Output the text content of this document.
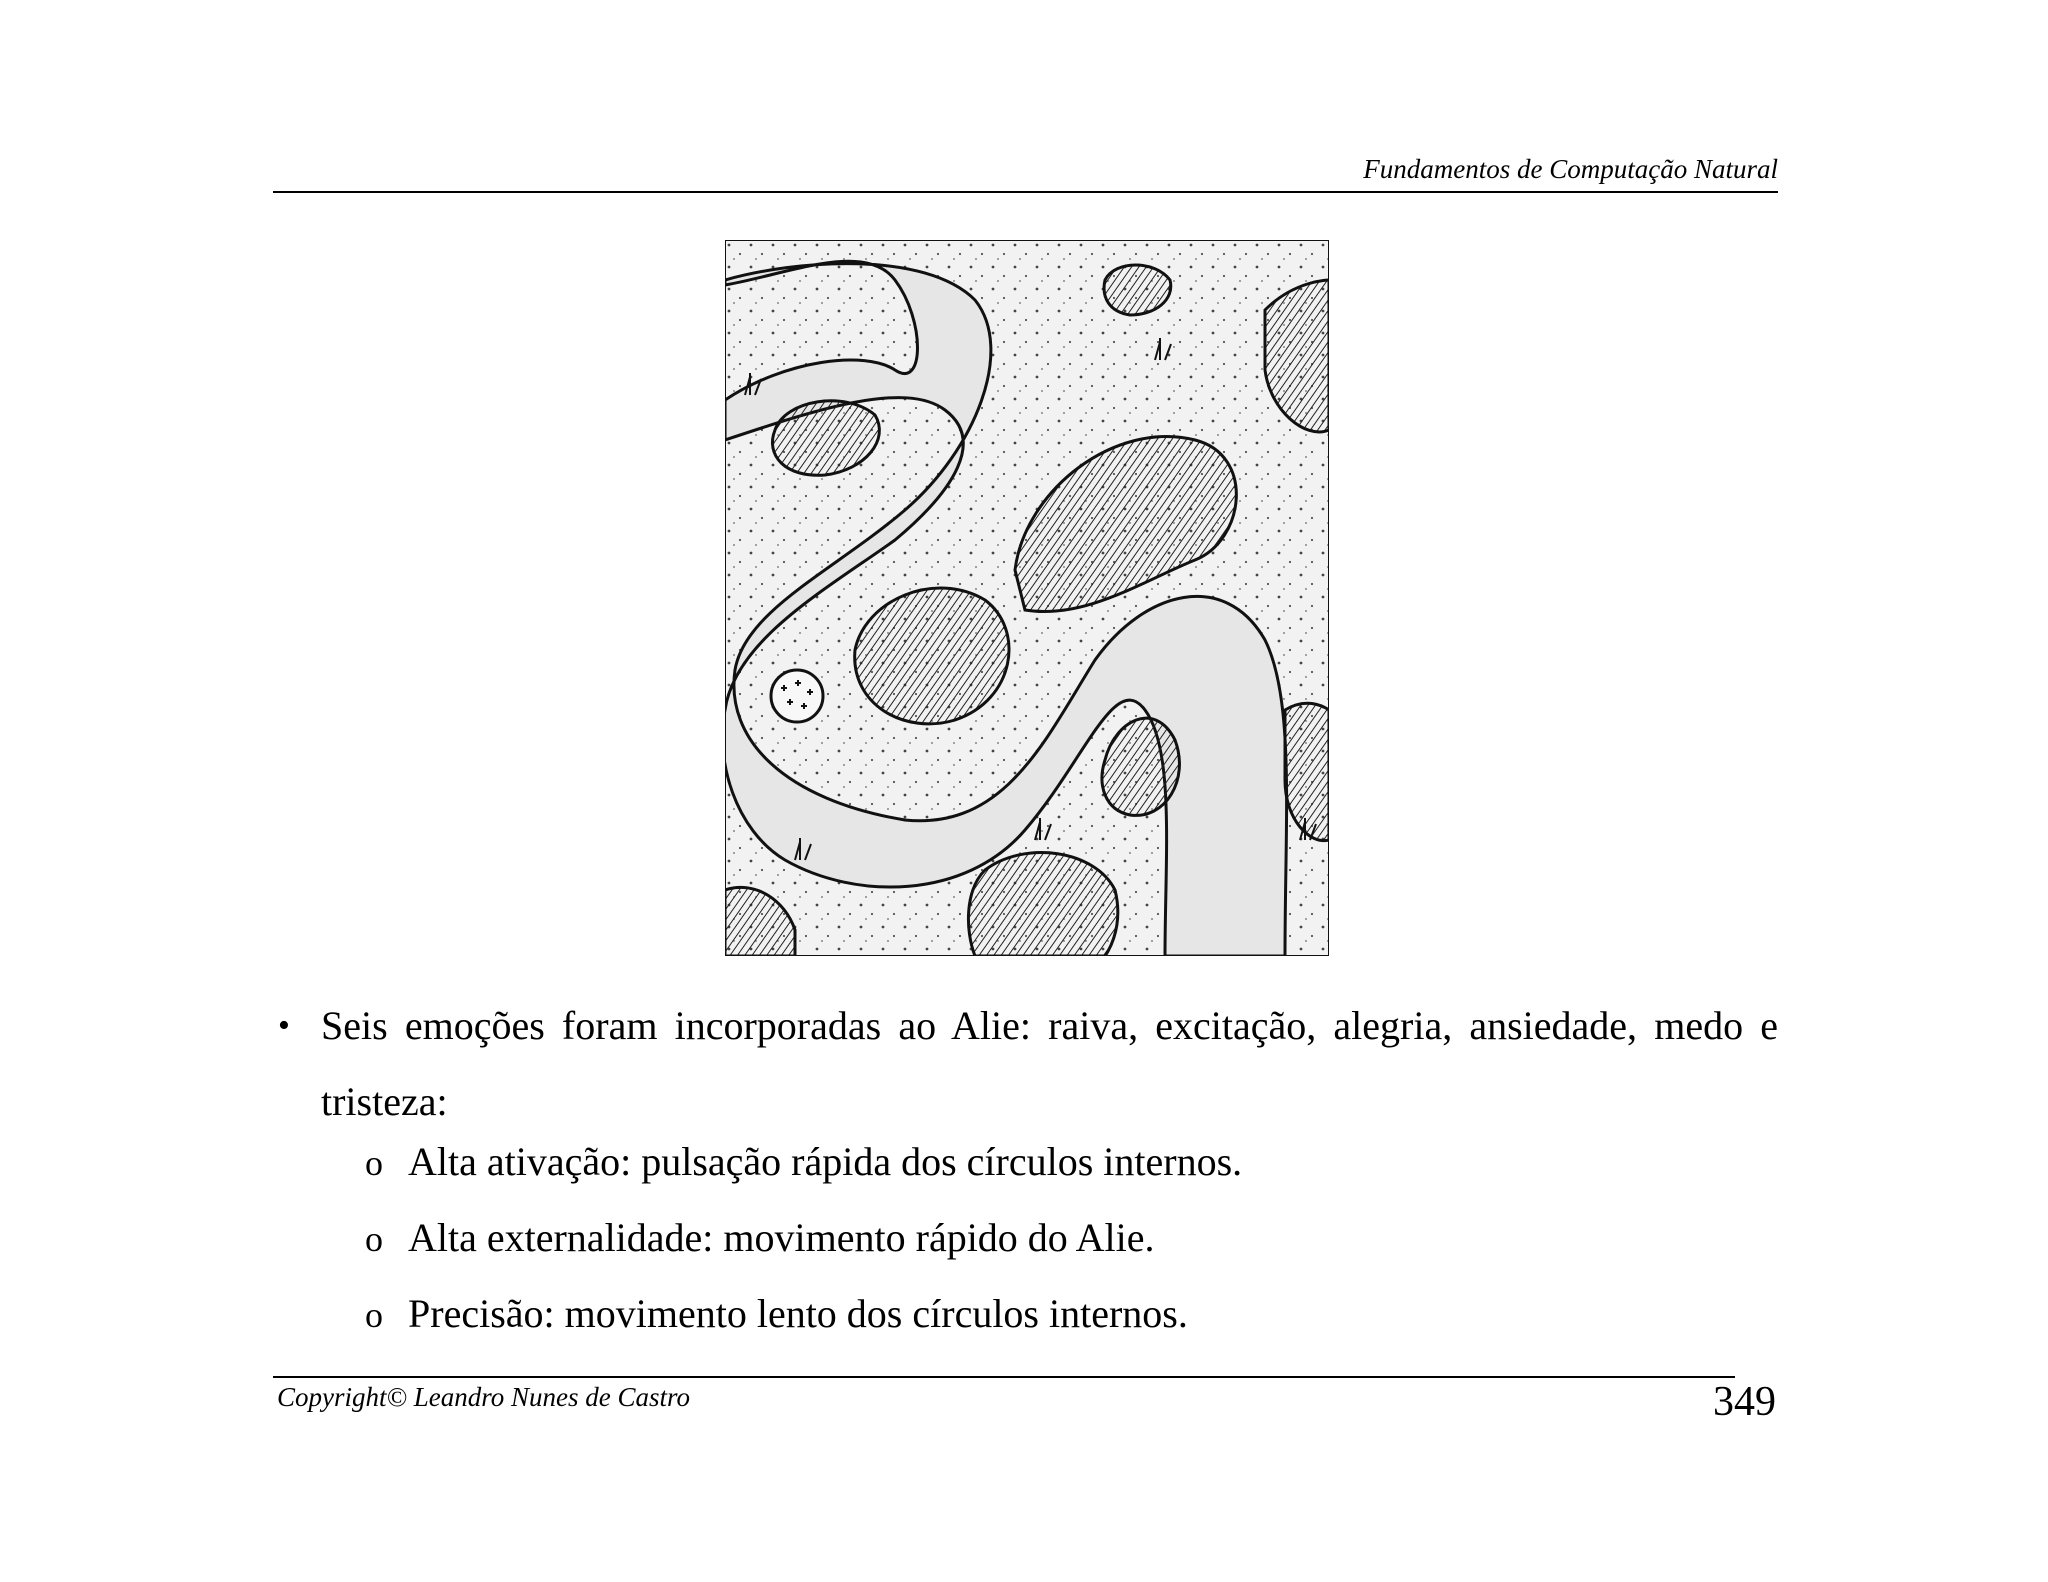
Fundamentos de Computação Natural
• Seis emoções foram incorporadas ao Alie: raiva, excitação, alegria, ansiedade, medo e tristeza:
o Alta ativação: pulsação rápida dos círculos internos.
o Alta externalidade: movimento rápido do Alie.
o Precisão: movimento lento dos círculos internos.
Copyright© Leandro Nunes de Castro	349
